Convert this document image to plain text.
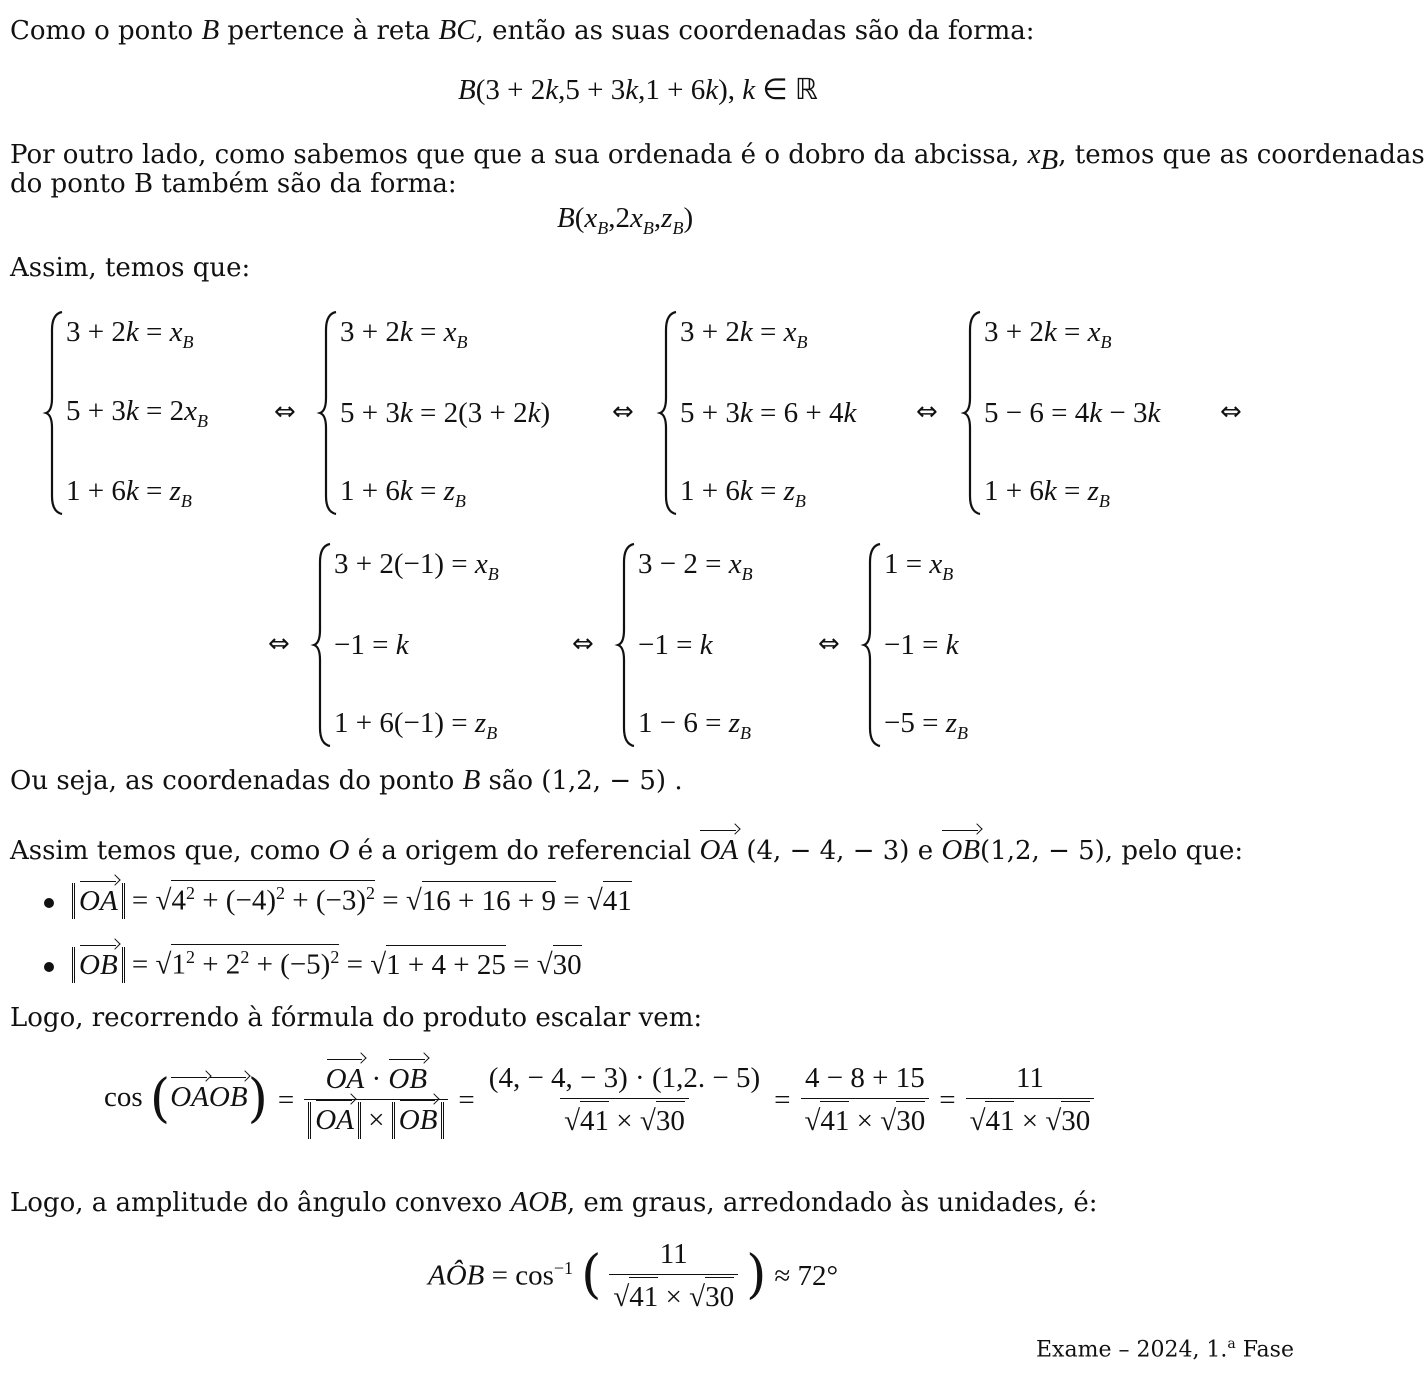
Como o ponto B pertence à reta BC, então as suas coordenadas são da forma:
B(3 + 2k,5 + 3k,1 + 6k), k ∈ ℝ
Por outro lado, como sabemos que que a sua ordenada é o dobro da abcissa, $x_B$, temos que as coordenadas
do ponto B também são da forma:
$B(x_B,2x_B,z_B)$
Assim, temos que:
$3 + 2k = x_B$
$5 + 3k = 2x_B$
$1 + 6k = z_B$
⇔
$3 + 2k = x_B$
5 + 3k = 2(3 + 2k)
$1 + 6k = z_B$
⇔
$3 + 2k = x_B$
5 + 3k = 6 + 4k
$1 + 6k = z_B$
⇔
$3 + 2k = x_B$
5 − 6 = 4k − 3k
$1 + 6k = z_B$
⇔
⇔
$3 + 2(-1) = x_B$
−1 = k
$1 + 6(-1) = z_B$
⇔
$3 - 2 = x_B$
−1 = k
$1 - 6 = z_B$
⇔
$1 = x_B$
−1 = k
$-5 = z_B$
Ou seja, as coordenadas do ponto B são (1,2, − 5) .
Assim temos que, como O é a origem do referencial OA (4, − 4, − 3) e OB(1,2, − 5), pelo que:
OA = $√4^2 + (-4)^2 + (-3)^2 = √16 + 16 + 9 = √41$
OB = $√1^2 + 2^2 + (-5)^2 = √1 + 4 + 25 = √30$
Logo, recorrendo à fórmula do produto escalar vem:
cos (OAOB) = $\frac{OA \cdot OB}{OA \times OB} = \frac{(4, - 4, - 3) \cdot (1,2. - 5)}{√41 \times √30} = \frac{4 - 8 + 15}{√41 \times √30} = \frac{11}{√41 \times √30}$
Logo, a amplitude do ângulo convexo AOB, em graus, arredondado às unidades, é:
AÔB = $\cos^{-1}$ ( $\frac{11}{√41 \times √30}$ ) ≈ 72°
Exame – 2024, 1.$^a$ Fase
